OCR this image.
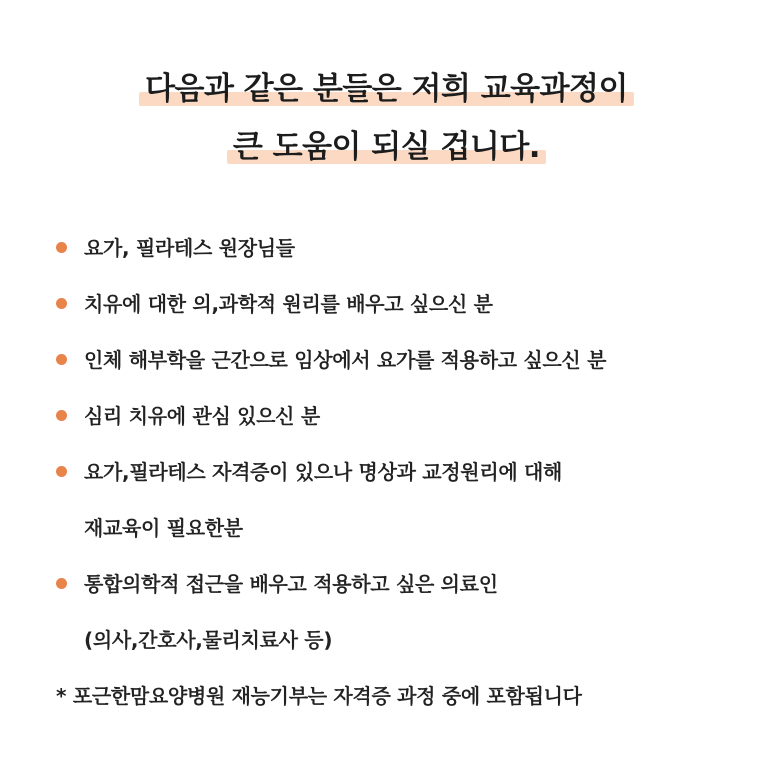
다음과 같은 분들은 저희 교육과정이
큰 도움이 되실 겁니다.
요가, 필라테스 원장님들
치유에 대한 의,과학적 원리를 배우고 싶으신 분
인체 해부학을 근간으로 임상에서 요가를 적용하고 싶으신 분
심리 치유에 관심 있으신 분
요가,필라테스 자격증이 있으나 명상과 교정원리에 대해
재교육이 필요한분
통합의학적 접근을 배우고 적용하고 싶은 의료인
(의사,간호사,물리치료사 등)
* 포근한맘요양병원 재능기부는 자격증 과정 중에 포함됩니다
